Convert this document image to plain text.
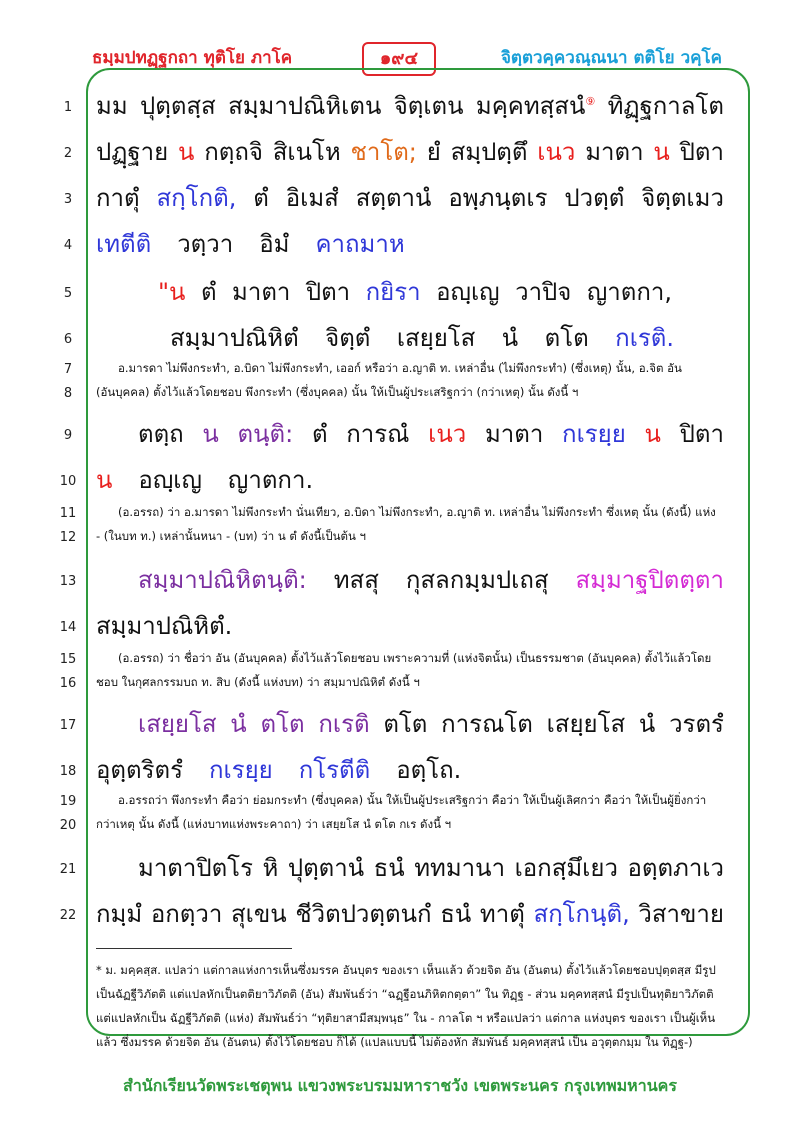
ธมฺมปทฏฺฐกถา ทุติโย ภาโค	๑๙๔	จิตฺตวคฺควณฺณนา ตติโย วคฺโค
1 มม ปุตฺตสฺส สมฺมาปณิหิเตน จิตฺเตน มคฺคทสฺสนํ⑨ ทิฏฺฐกาลโต
2 ปฏฺฐาย น กตฺถจิ สิเนโห ชาโต; ยํ สมฺปตฺตึ เนว มาตา น ปิตา
3 กาตุํ สกฺโกติ, ตํ อิเมสํ สตฺตานํ อพฺภนฺตเร ปวตฺตํ จิตฺตเมว
4 เทตีติ วตฺวา อิมํ คาถมาห
5	"น ตํ มาตา ปิตา กยิรา อญฺเญ วาปิจ ญาตกา,
6	สมฺมาปณิหิตํ จิตฺตํ เสยฺยโส นํ ตโต กเรติ.
7	อ.มารดา ไม่พึงกระทำ, อ.บิดา ไม่พึงกระทำ, เออก์ หรือว่า อ.ญาติ ท. เหล่าอื่น (ไม่พึงกระทำ) (ซึ่งเหตุ) นั้น, อ.จิต อัน
8	(อันบุคคล) ตั้งไว้แล้วโดยชอบ พึงกระทำ (ซึ่งบุคคล) นั้น ให้เป็นผู้ประเสริฐกว่า (กว่าเหตุ) นั้น ดังนี้ ฯ
9	ตตฺถ น ตนฺติ: ตํ การณํ เนว มาตา กเรยฺย น ปิตา
10 น อญฺเญ ญาตกา.
11	(อ.อรรถ) ว่า อ.มารดา ไม่พึงกระทำ นั่นเทียว, อ.บิดา ไม่พึงกระทำ, อ.ญาติ ท. เหล่าอื่น ไม่พึงกระทำ ซึ่งเหตุ นั้น (ดังนี้) แห่ง
12	- (ในบท ท.) เหล่านั้นหนา - (บท) ว่า น ตํ ดังนี้เป็นต้น ฯ
13	สมฺมาปณิหิตนฺติ: ทสสุ กุสลกมฺมปเถสุ สมฺมาฐปิตตฺตา
14 สมฺมาปณิหิตํ.
15	(อ.อรรถ) ว่า ชื่อว่า อัน (อันบุคคล) ตั้งไว้แล้วโดยชอบ เพราะความที่ (แห่งจิตนั้น) เป็นธรรมชาต (อันบุคคล) ตั้งไว้แล้วโดย
16	ชอบ ในกุศลกรรมบถ ท. สิบ (ดังนี้ แห่งบท) ว่า สมฺมาปณิหิตํ ดังนี้ ฯ
17	เสยฺยโส นํ ตโต กเรติ ตโต การณโต เสยฺยโส นํ วรตรํ
18 อุตฺตริตรํ กเรยฺย กโรตีติ อตฺโถ.
19	อ.อรรถว่า พึงกระทำ คือว่า ย่อมกระทำ (ซึ่งบุคคล) นั้น ให้เป็นผู้ประเสริฐกว่า คือว่า ให้เป็นผู้เลิศกว่า คือว่า ให้เป็นผู้ยิ่งกว่า
20	กว่าเหตุ นั้น ดังนี้ (แห่งบาทแห่งพระคาถา) ว่า เสยฺยโส นํ ตโต กเร ดังนี้ ฯ
21	มาตาปิตโร หิ ปุตฺตานํ ธนํ ททมานา เอกสฺมึเยว อตฺตภาเว
22 กมฺมํ อกตฺวา สุเขน ชีวิตปวตฺตนกํ ธนํ ทาตุํ สกฺโกนฺติ, วิสาขาย
* ม. มคฺคสฺส. แปลว่า แต่กาลแห่งการเห็นซึ่งมรรค อันบุตร ของเรา เห็นแล้ว ด้วยจิต อัน (อันตน) ตั้งไว้แล้วโดยชอบปุตฺตสฺส มีรูป
เป็นฉัฏฐีวิภัตติ แต่แปลหักเป็นตติยาวิภัตติ (อัน) สัมพันธ์ว่า “ฉฏฺฐีอนภิหิตกตฺตา” ใน ทิฏฺฐ - ส่วน มคฺคทสฺสนํ มีรูปเป็นทุติยาวิภัตติ
แต่แปลหักเป็น ฉัฏฐีวิภัตติ (แห่ง) สัมพันธ์ว่า “ทุติยาสามีสมฺพนฺธ” ใน - กาลโต ฯ หรือแปลว่า แต่กาล แห่งบุตร ของเรา เป็นผู้เห็น
แล้ว ซึ่งมรรค ด้วยจิต อัน (อันตน) ตั้งไว้โดยชอบ ก็ได้ (แปลแบบนี้ ไม่ต้องหัก สัมพันธ์ มคฺคทสฺสนํ เป็น อวุตฺตกมฺม ใน ทิฏฺฐ-)
สำนักเรียนวัดพระเชตุพน แขวงพระบรมมหาราชวัง เขตพระนคร กรุงเทพมหานคร
